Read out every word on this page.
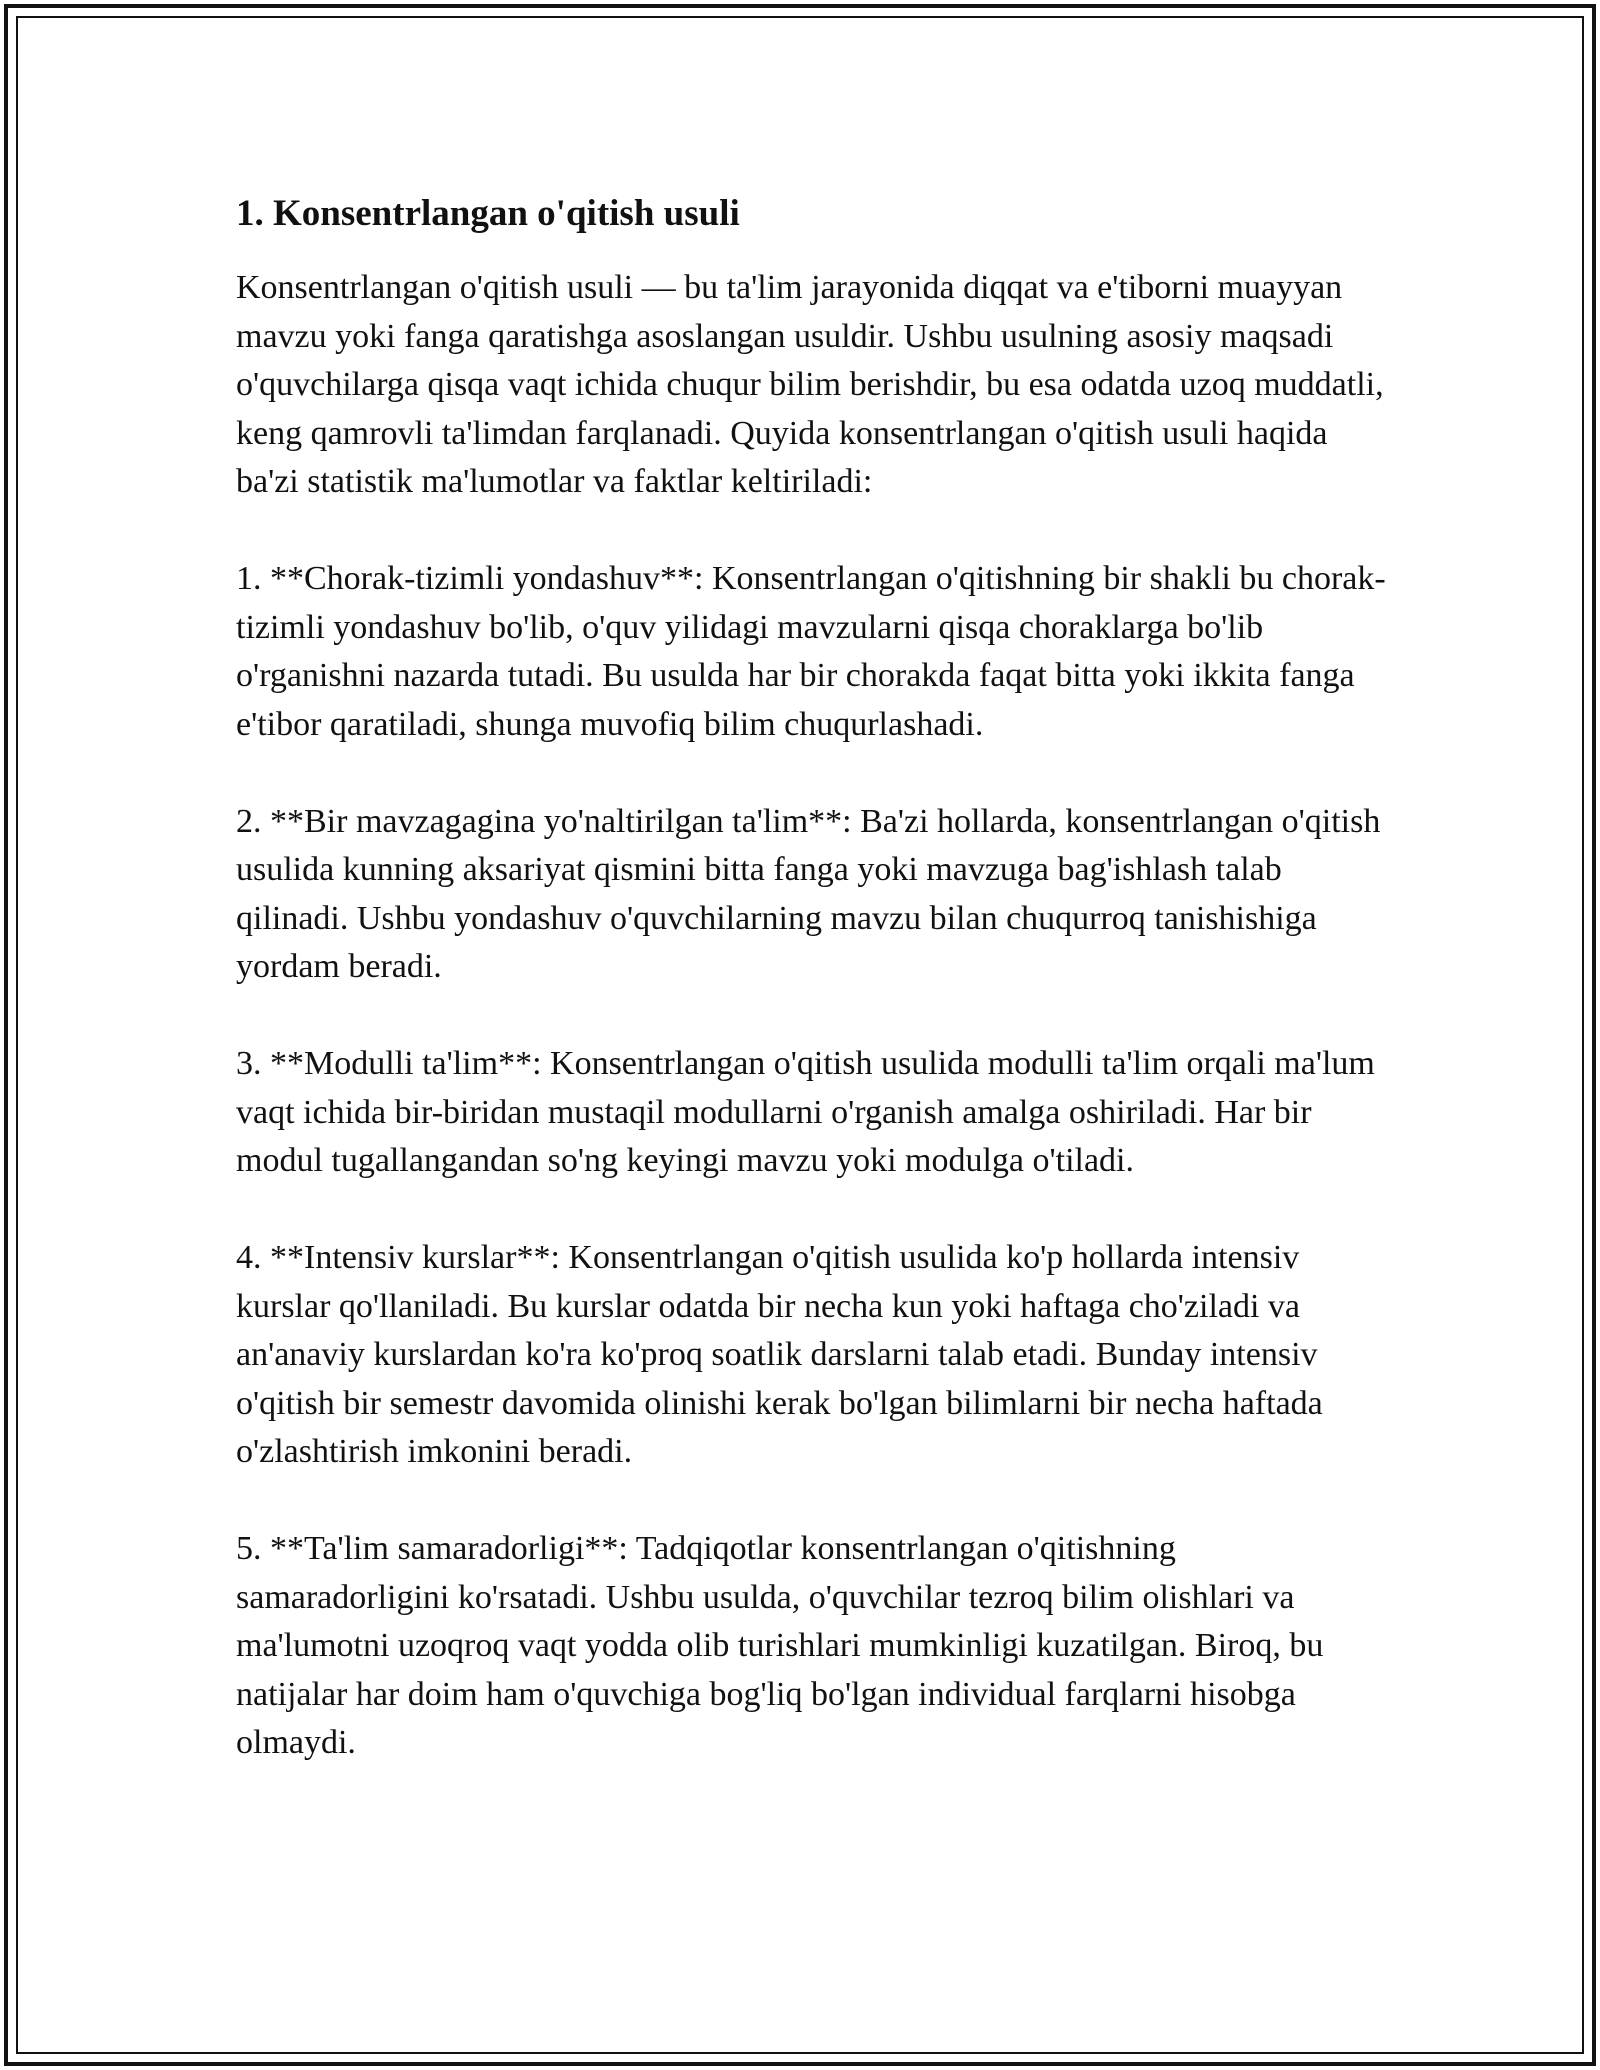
1. Konsentrlangan o'qitish usuli

Konsentrlangan o'qitish usuli — bu ta'lim jarayonida diqqat va e'tiborni muayyan mavzu yoki fanga qaratishga asoslangan usuldir. Ushbu usulning asosiy maqsadi o'quvchilarga qisqa vaqt ichida chuqur bilim berishdir, bu esa odatda uzoq muddatli, keng qamrovli ta'limdan farqlanadi. Quyida konsentrlangan o'qitish usuli haqida ba'zi statistik ma'lumotlar va faktlar keltiriladi:

1. **Chorak-tizimli yondashuv**: Konsentrlangan o'qitishning bir shakli bu chorak-tizimli yondashuv bo'lib, o'quv yilidagi mavzularni qisqa choraklarga bo'lib o'rganishni nazarda tutadi. Bu usulda har bir chorakda faqat bitta yoki ikkita fanga e'tibor qaratiladi, shunga muvofiq bilim chuqurlashadi.

2. **Bir mavzagagina yo'naltirilgan ta'lim**: Ba'zi hollarda, konsentrlangan o'qitish usulida kunning aksariyat qismini bitta fanga yoki mavzuga bag'ishlash talab qilinadi. Ushbu yondashuv o'quvchilarning mavzu bilan chuqurroq tanishishiga yordam beradi.

3. **Modulli ta'lim**: Konsentrlangan o'qitish usulida modulli ta'lim orqali ma'lum vaqt ichida bir-biridan mustaqil modullarni o'rganish amalga oshiriladi. Har bir modul tugallangandan so'ng keyingi mavzu yoki modulga o'tiladi.

4. **Intensiv kurslar**: Konsentrlangan o'qitish usulida ko'p hollarda intensiv kurslar qo'llaniladi. Bu kurslar odatda bir necha kun yoki haftaga cho'ziladi va an'anaviy kurslardan ko'ra ko'proq soatlik darslarni talab etadi. Bunday intensiv o'qitish bir semestr davomida olinishi kerak bo'lgan bilimlarni bir necha haftada o'zlashtirish imkonini beradi.

5. **Ta'lim samaradorligi**: Tadqiqotlar konsentrlangan o'qitishning samaradorligini ko'rsatadi. Ushbu usulda, o'quvchilar tezroq bilim olishlari va ma'lumotni uzoqroq vaqt yodda olib turishlari mumkinligi kuzatilgan. Biroq, bu natijalar har doim ham o'quvchiga bog'liq bo'lgan individual farqlarni hisobga olmaydi.
